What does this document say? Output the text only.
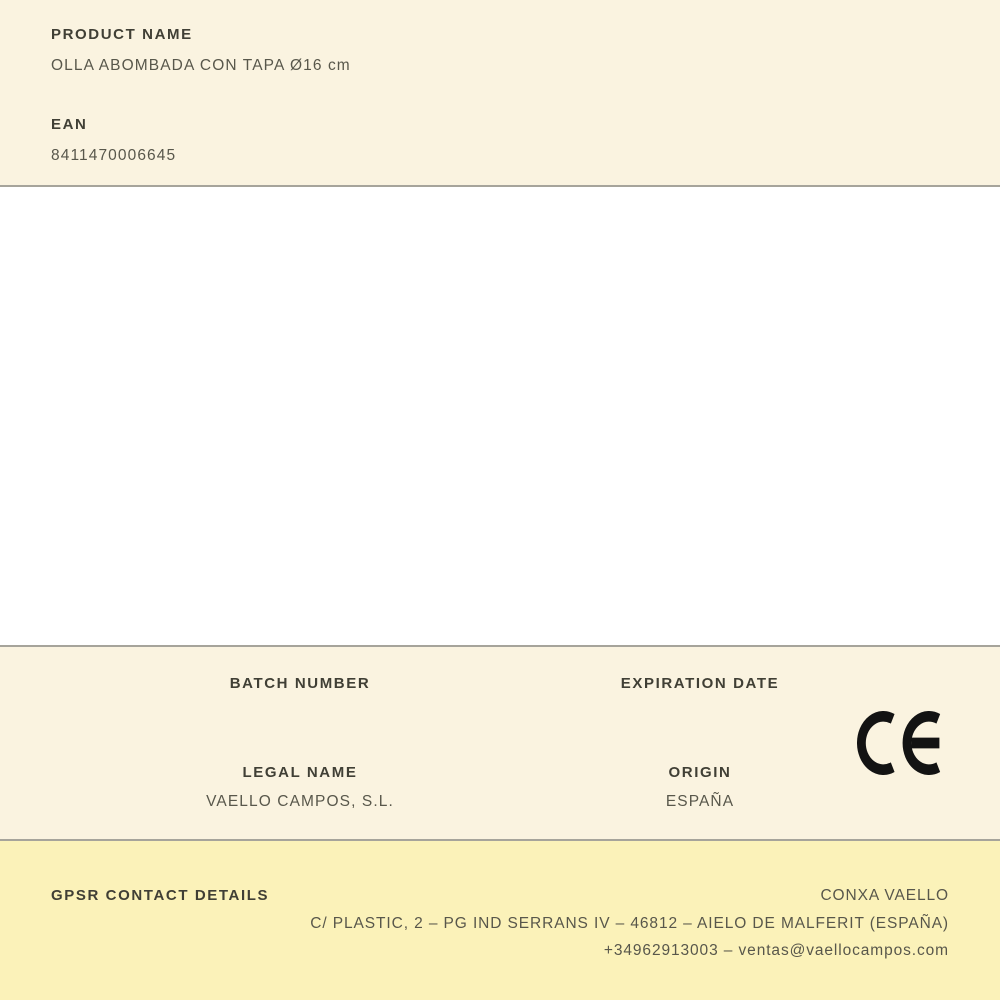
PRODUCT NAME
OLLA ABOMBADA CON TAPA Ø16 cm
EAN
8411470006645
BATCH NUMBER	EXPIRATION DATE
LEGAL NAME
VAELLO CAMPOS, S.L.
ORIGIN
ESPAÑA
GPSR CONTACT DETAILS	CONXA VAELLO
C/ PLASTIC, 2 – PG IND SERRANS IV – 46812 – AIELO DE MALFERIT (ESPAÑA)
+34962913003 – ventas@vaellocampos.com
